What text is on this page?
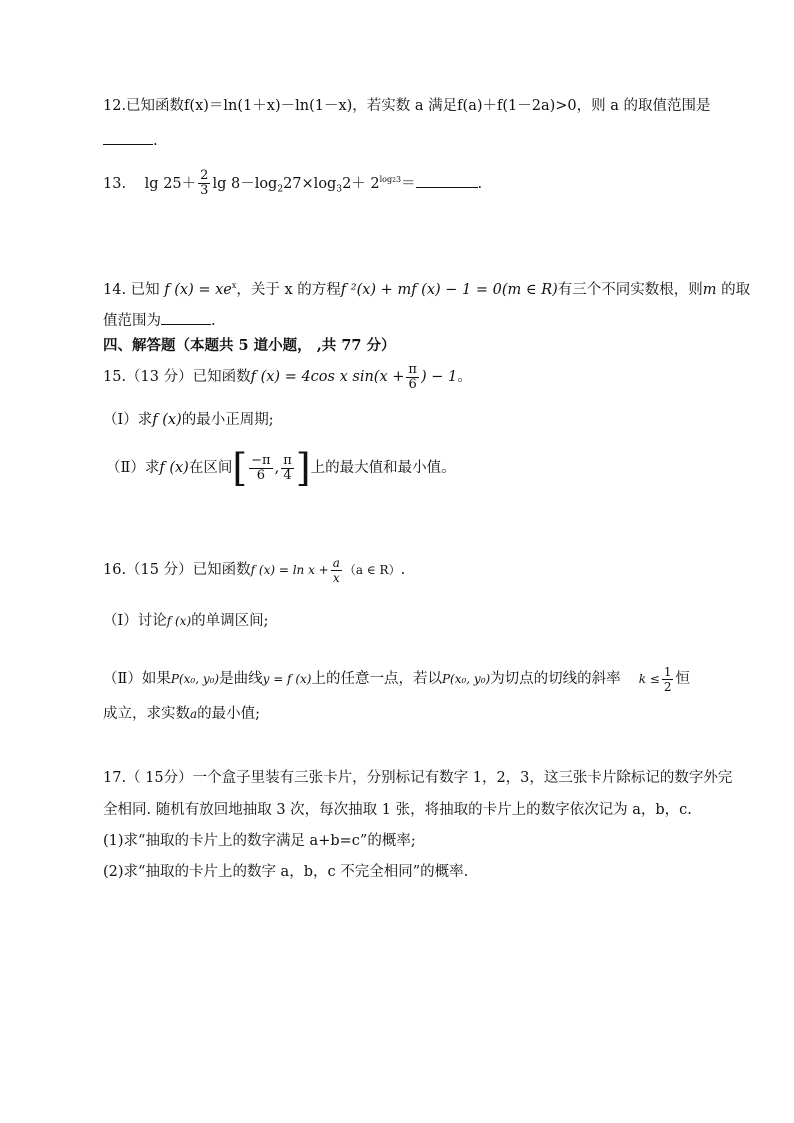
12.已知函数f(x)＝ln(1＋x)－ln(1－x)，若实数 a 满足f(a)＋f(1－2a)>0，则 a 的取值范围是
.
13. $\lg 25+ \frac{2}{3}$ $\lg 8-\log_227\times\log_32+ 2^{log23}=$	.
14. 已知 f $(x) = xe^x$，关于 x 的方程f ²(x) + mf (x) − 1 = 0(m ∈ R)有三个不同实数根，则m 的取
值范围为	.
四、解答题（本题共 5 道小题， ,共 77 分）
15.（13 分）已知函数f (x) = 4cos x $\sin(x + \frac{\pi}{6}$ ) − 1。
（Ⅰ）求f (x)的最小正周期;
（Ⅱ）求f (x)在区间[ $\frac{-\pi}{6}$ , $\frac{\pi}{4}$ ]上的最大值和最小值。
16.（15 分）已知函数f $(x) = \ln x + \frac{a}{x} (a$ ∈ R）.
（Ⅰ）讨论f (x)的单调区间;
（Ⅱ）如果P(x₀, y₀)是曲线y = f (x)上的任意一点，若以P(x₀, y₀)为切点的切线的斜率 $k \le \frac{1}{2}$ 恒
成立，求实数a的最小值;
17.（ 15分）一个盒子里装有三张卡片，分别标记有数字 1，2，3，这三张卡片除标记的数字外完
全相同. 随机有放回地抽取 3 次，每次抽取 1 张，将抽取的卡片上的数字依次记为 a，b，c.
(1)求“抽取的卡片上的数字满足 a+b=c”的概率;
(2)求“抽取的卡片上的数字 a，b，c 不完全相同”的概率.
